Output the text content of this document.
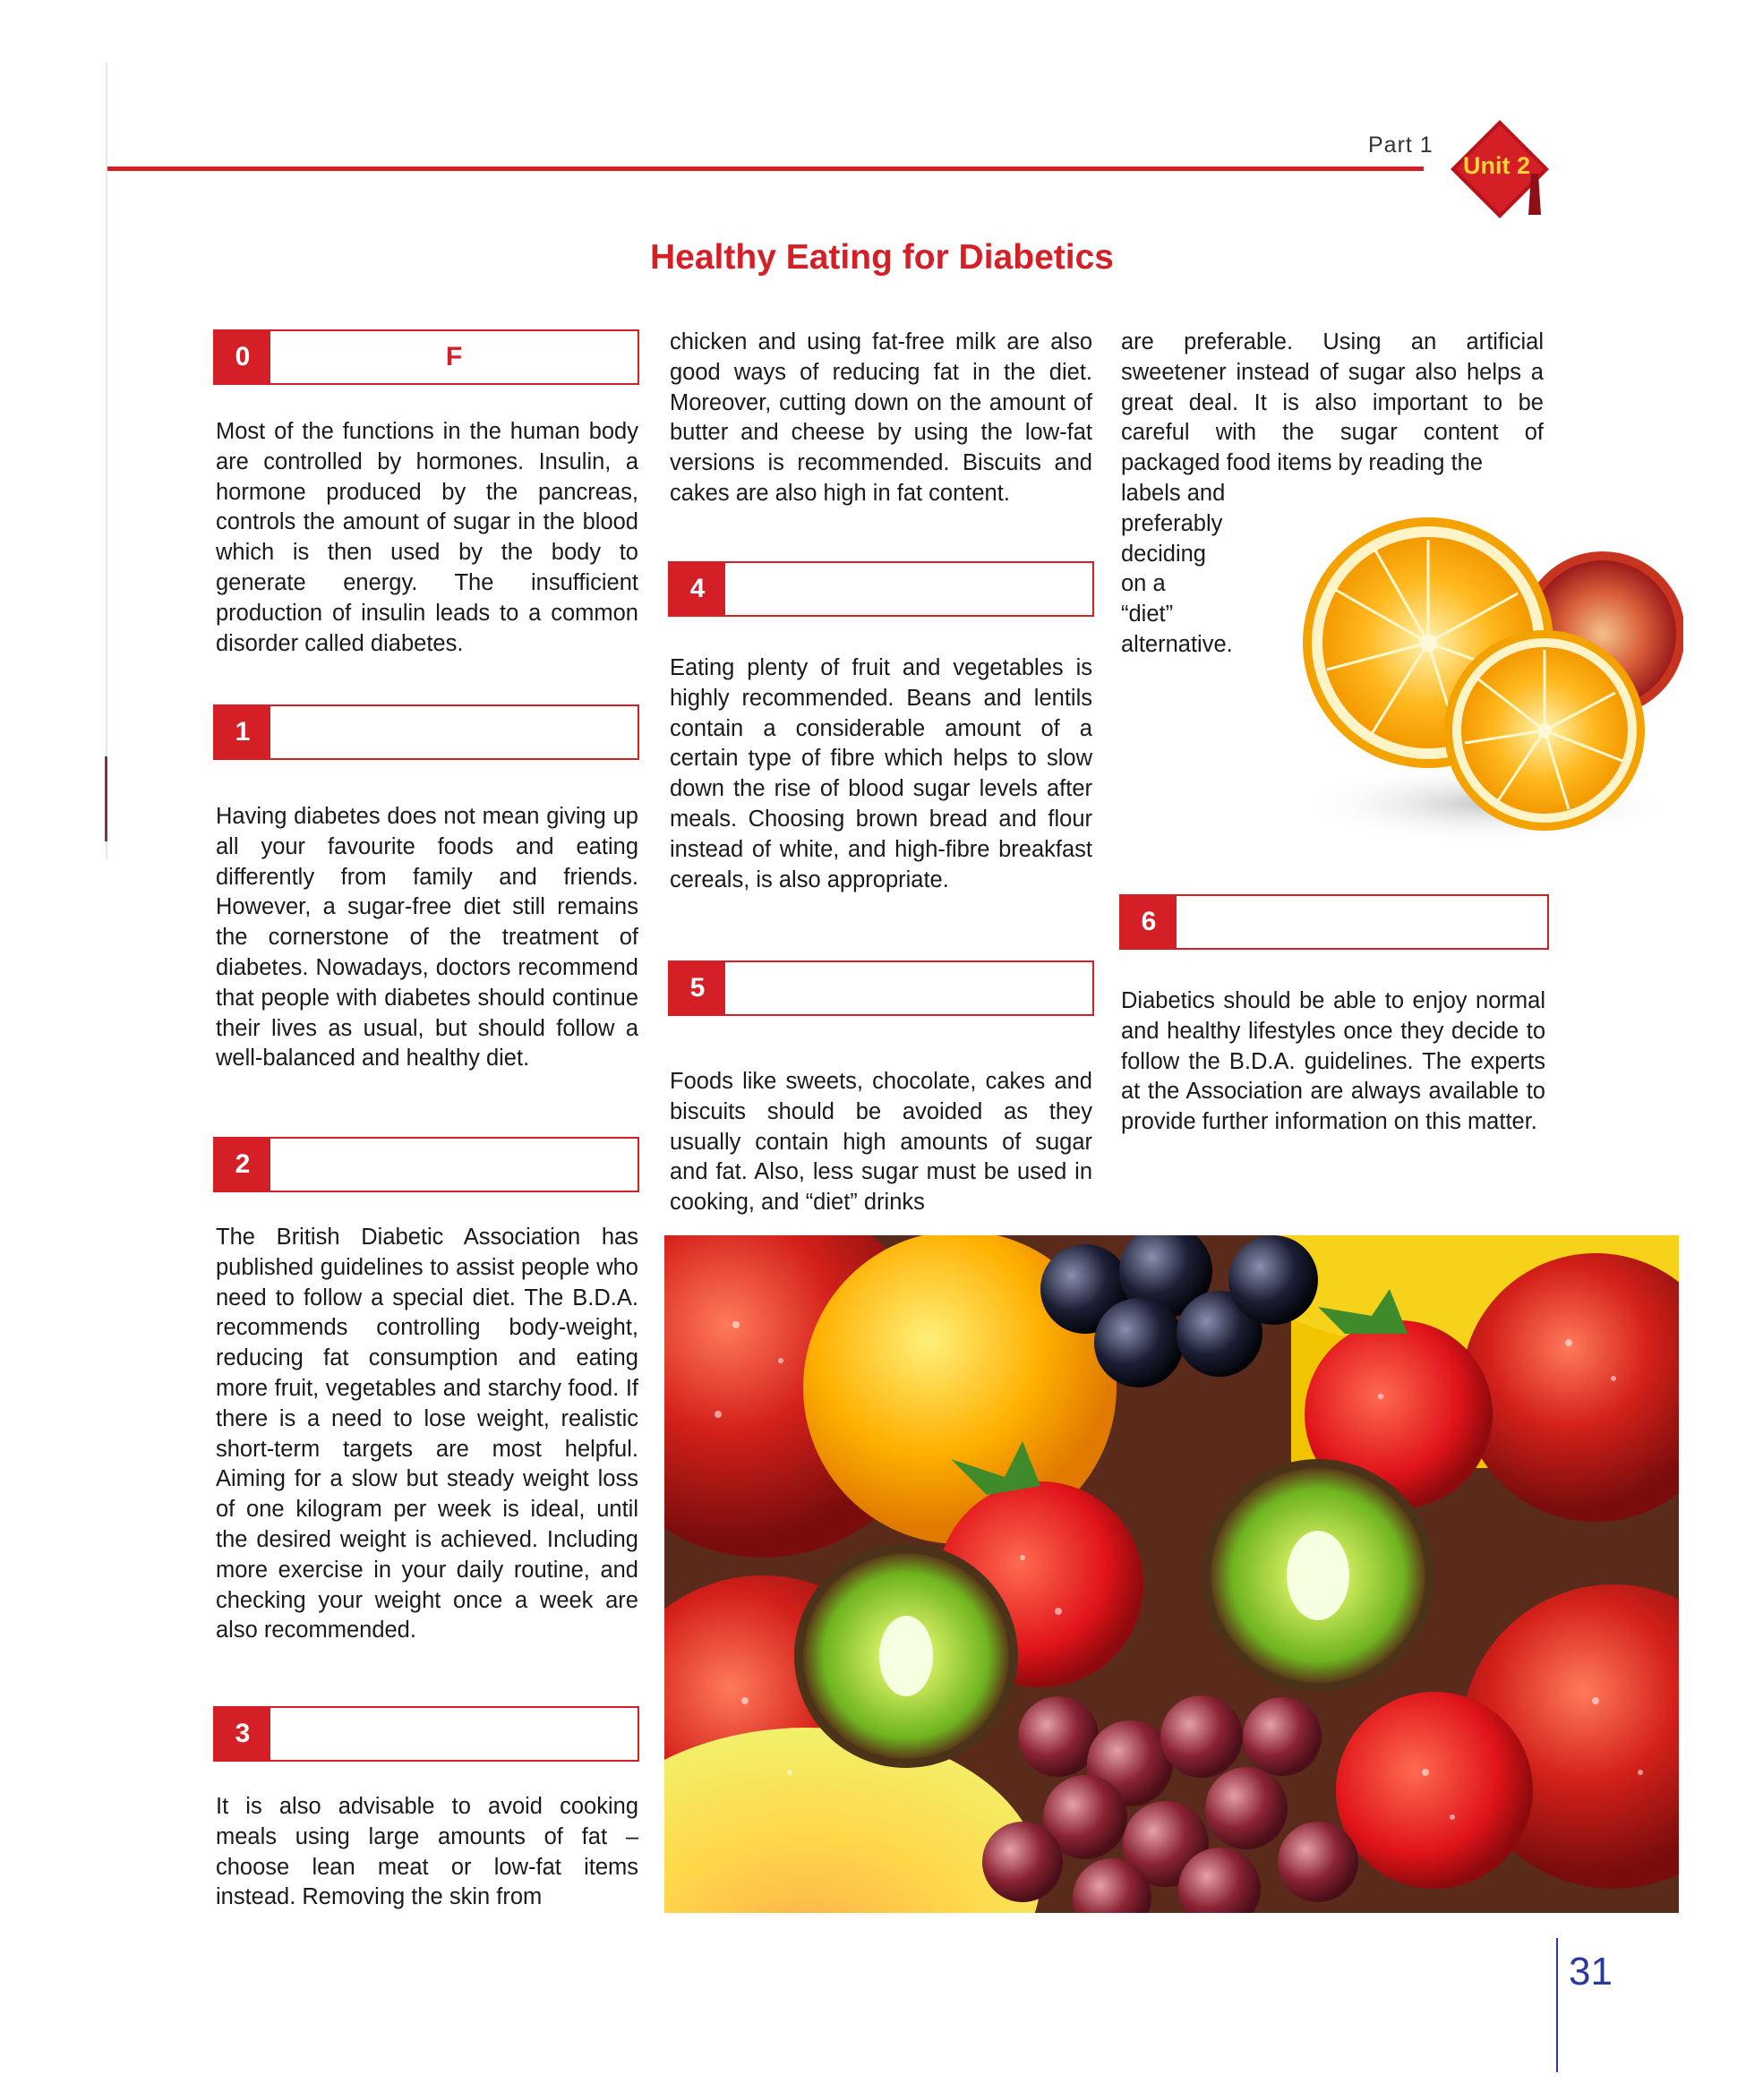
Part 1
Unit 2
Healthy Eating for Diabetics
0	F
Most of the functions in the human body are controlled by hormones. Insulin, a hormone produced by the pancreas, controls the amount of sugar in the blood which is then used by the body to generate energy. The insufficient production of insulin leads to a common disorder called diabetes.
1
Having diabetes does not mean giving up all your favourite foods and eating differently from family and friends. However, a sugar-free diet still remains the cornerstone of the treatment of diabetes. Nowadays, doctors recommend that people with diabetes should continue their lives as usual, but should follow a well-balanced and healthy diet.
2
The British Diabetic Association has published guidelines to assist people who need to follow a special diet. The B.D.A. recommends controlling body-weight, reducing fat consumption and eating more fruit, vegetables and starchy food. If there is a need to lose weight, realistic short-term targets are most helpful. Aiming for a slow but steady weight loss of one kilogram per week is ideal, until the desired weight is achieved. Including more exercise in your daily routine, and checking your weight once a week are also recommended.
3
It is also advisable to avoid cooking meals using large amounts of fat – choose lean meat or low-fat items instead. Removing the skin from
chicken and using fat-free milk are also good ways of reducing fat in the diet. Moreover, cutting down on the amount of butter and cheese by using the low-fat versions is recommended. Biscuits and cakes are also high in fat content.
4
Eating plenty of fruit and vegetables is highly recommended. Beans and lentils contain a considerable amount of a certain type of fibre which helps to slow down the rise of blood sugar levels after meals. Choosing brown bread and flour instead of white, and high-fibre breakfast cereals, is also appropriate.
5
Foods like sweets, chocolate, cakes and biscuits should be avoided as they usually contain high amounts of sugar and fat. Also, less sugar must be used in cooking, and “diet” drinks
are preferable. Using an artificial sweetener instead of sugar also helps a great deal. It is also important to be careful with the sugar content of packaged food items by reading the
labels and
preferably
deciding
on a
“diet”
alternative.
6
Diabetics should be able to enjoy normal and healthy lifestyles once they decide to follow the B.D.A. guidelines. The experts at the Association are always available to provide further information on this matter.
31
